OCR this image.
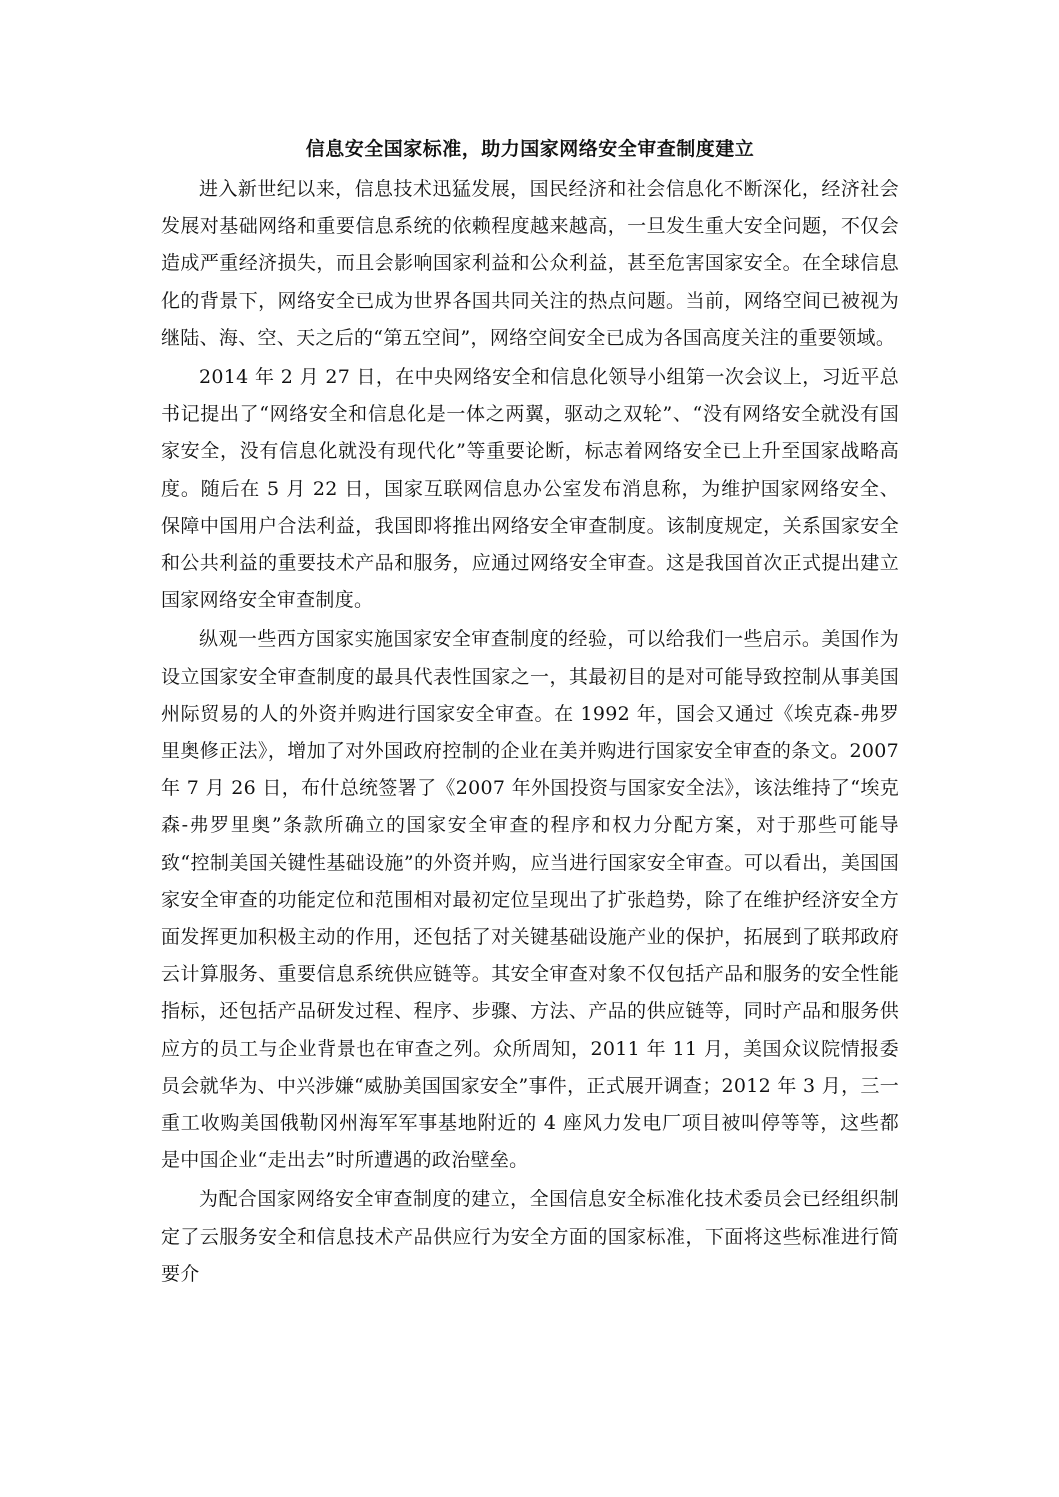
信息安全国家标准，助力国家网络安全审查制度建立

进入新世纪以来，信息技术迅猛发展，国民经济和社会信息化不断深化，经济社会发展对基础网络和重要信息系统的依赖程度越来越高，一旦发生重大安全问题，不仅会造成严重经济损失，而且会影响国家利益和公众利益，甚至危害国家安全。在全球信息化的背景下，网络安全已成为世界各国共同关注的热点问题。当前，网络空间已被视为继陆、海、空、天之后的“第五空间”，网络空间安全已成为各国高度关注的重要领域。

2014 年 2 月 27 日，在中央网络安全和信息化领导小组第一次会议上，习近平总书记提出了“网络安全和信息化是一体之两翼，驱动之双轮”、“没有网络安全就没有国家安全，没有信息化就没有现代化”等重要论断，标志着网络安全已上升至国家战略高度。随后在 5 月 22 日，国家互联网信息办公室发布消息称，为维护国家网络安全、保障中国用户合法利益，我国即将推出网络安全审查制度。该制度规定，关系国家安全和公共利益的重要技术产品和服务，应通过网络安全审查。这是我国首次正式提出建立国家网络安全审查制度。

纵观一些西方国家实施国家安全审查制度的经验，可以给我们一些启示。美国作为设立国家安全审查制度的最具代表性国家之一，其最初目的是对可能导致控制从事美国州际贸易的人的外资并购进行国家安全审查。在 1992 年，国会又通过《埃克森-弗罗里奥修正法》，增加了对外国政府控制的企业在美并购进行国家安全审查的条文。2007 年 7 月 26 日，布什总统签署了《2007 年外国投资与国家安全法》，该法维持了“埃克森-弗罗里奥”条款所确立的国家安全审查的程序和权力分配方案，对于那些可能导致“控制美国关键性基础设施”的外资并购，应当进行国家安全审查。可以看出，美国国家安全审查的功能定位和范围相对最初定位呈现出了扩张趋势，除了在维护经济安全方面发挥更加积极主动的作用，还包括了对关键基础设施产业的保护，拓展到了联邦政府云计算服务、重要信息系统供应链等。其安全审查对象不仅包括产品和服务的安全性能指标，还包括产品研发过程、程序、步骤、方法、产品的供应链等，同时产品和服务供应方的员工与企业背景也在审查之列。众所周知，2011 年 11 月，美国众议院情报委员会就华为、中兴涉嫌“威胁美国国家安全”事件，正式展开调查；2012 年 3 月，三一重工收购美国俄勒冈州海军军事基地附近的 4 座风力发电厂项目被叫停等等，这些都是中国企业“走出去”时所遭遇的政治壁垒。

为配合国家网络安全审查制度的建立，全国信息安全标准化技术委员会已经组织制定了云服务安全和信息技术产品供应行为安全方面的国家标准，下面将这些标准进行简要介
